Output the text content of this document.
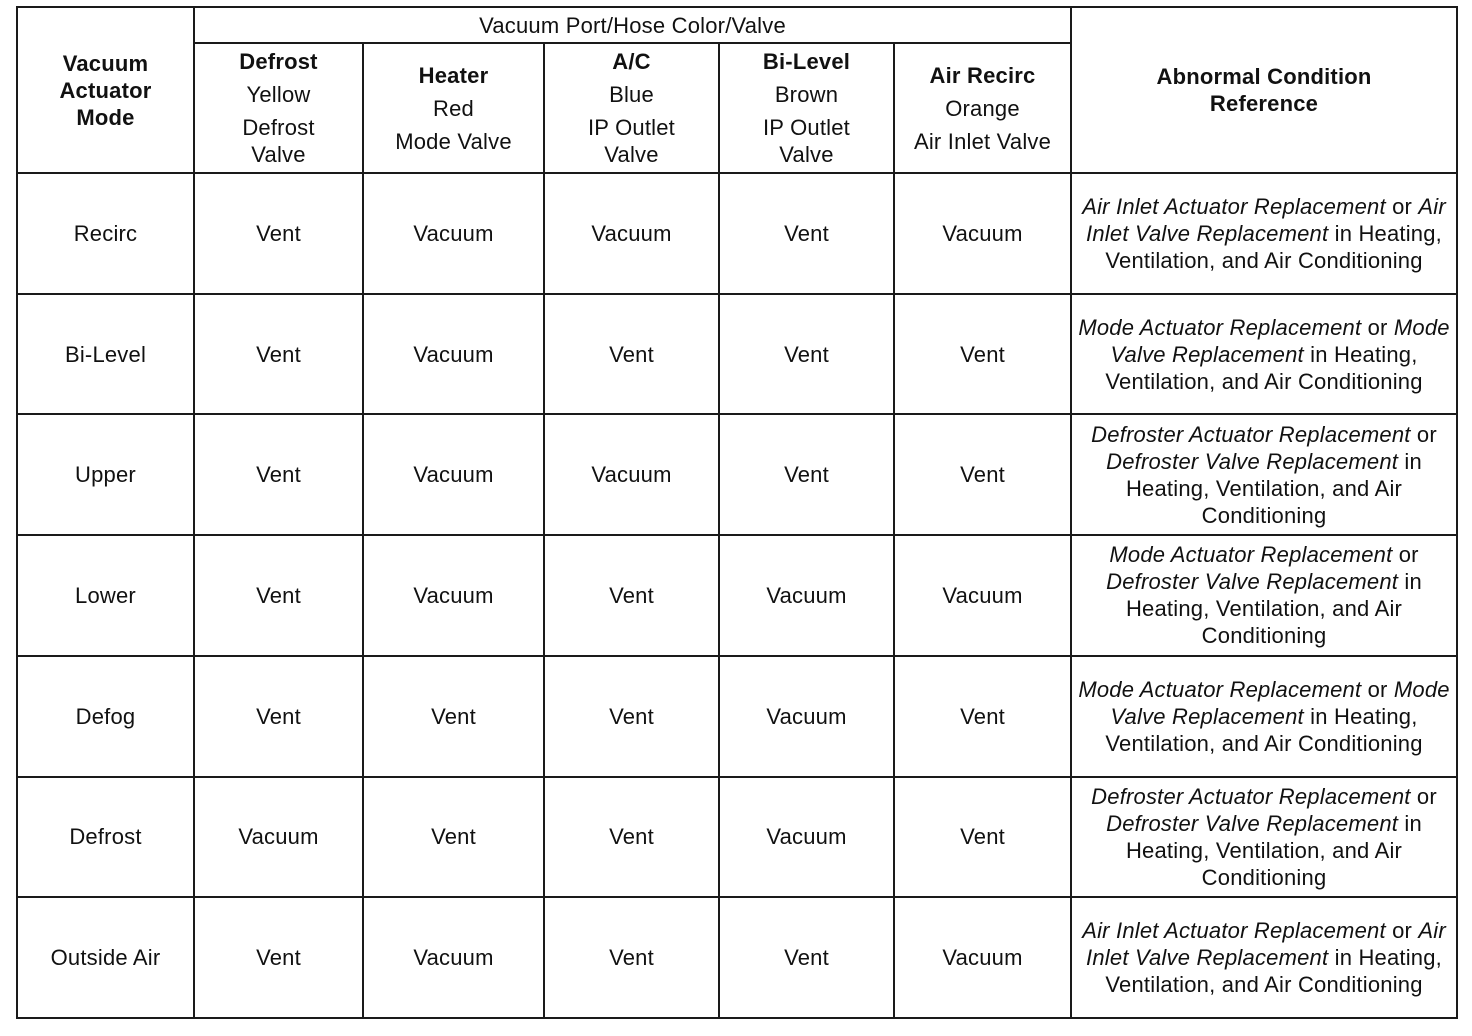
Vacuum
Actuator
Mode	Vacuum Port/Hose Color/Valve					Abnormal Condition
Reference

	Defrost
Yellow
Defrost
Valve	Heater
Red
Mode Valve	A/C
Blue
IP Outlet
Valve	Bi-Level
Brown
IP Outlet
Valve	Air Recirc
Orange
Air Inlet Valve	

Recirc	Vent	Vacuum	Vacuum	Vent	Vacuum	Air Inlet Actuator Replacement or Air Inlet Valve Replacement in Heating, Ventilation, and Air Conditioning
Bi-Level	Vent	Vacuum	Vent	Vent	Vent	Mode Actuator Replacement or Mode Valve Replacement in Heating, Ventilation, and Air Conditioning
Upper	Vent	Vacuum	Vacuum	Vent	Vent	Defroster Actuator Replacement or Defroster Valve Replacement in Heating, Ventilation, and Air Conditioning
Lower	Vent	Vacuum	Vent	Vacuum	Vacuum	Mode Actuator Replacement or Defroster Valve Replacement in Heating, Ventilation, and Air Conditioning
Defog	Vent	Vent	Vent	Vacuum	Vent	Mode Actuator Replacement or Mode Valve Replacement in Heating, Ventilation, and Air Conditioning
Defrost	Vacuum	Vent	Vent	Vacuum	Vent	Defroster Actuator Replacement or Defroster Valve Replacement in Heating, Ventilation, and Air Conditioning
Outside Air	Vent	Vacuum	Vent	Vent	Vacuum	Air Inlet Actuator Replacement or Air Inlet Valve Replacement in Heating, Ventilation, and Air Conditioning
